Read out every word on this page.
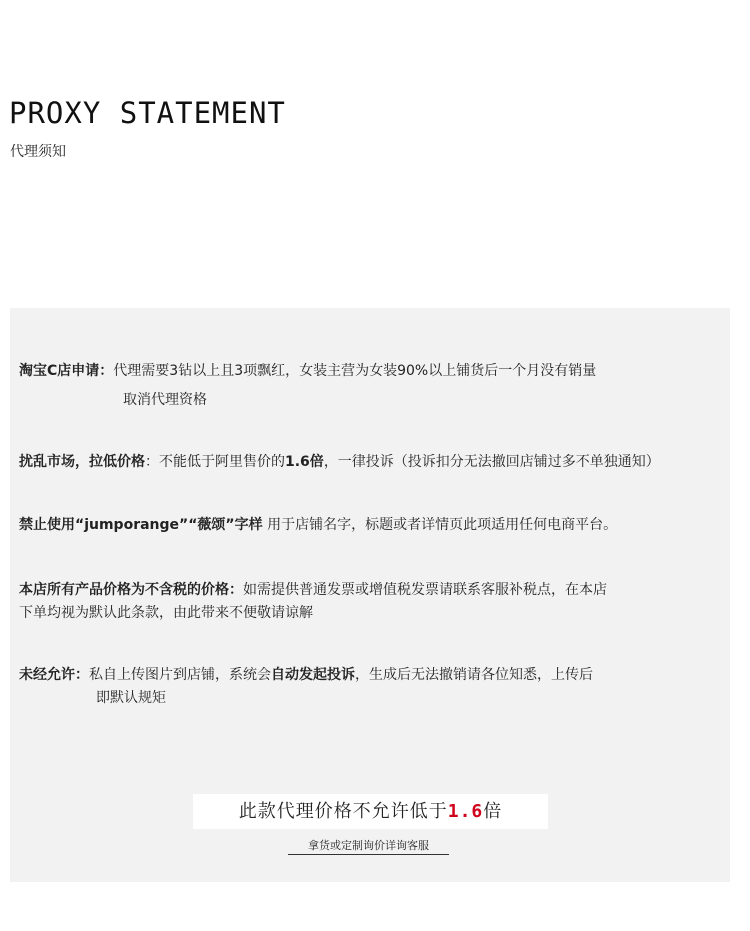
PROXY STATEMENT
代理须知
淘宝C店申请：代理需要3钻以上且3项飘红，女装主营为女装90%以上铺货后一个月没有销量
取消代理资格
扰乱市场，拉低价格：不能低于阿里售价的1.6倍，一律投诉（投诉扣分无法撤回店铺过多不单独通知）
禁止使用“jumporange”“薇颂”字样 用于店铺名字，标题或者详情页此项适用任何电商平台。
本店所有产品价格为不含税的价格：如需提供普通发票或增值税发票请联系客服补税点，在本店
下单均视为默认此条款，由此带来不便敬请谅解
未经允许：私自上传图片到店铺，系统会自动发起投诉，生成后无法撤销请各位知悉，上传后
即默认规矩
此款代理价格不允许低于1.6倍
拿货或定制询价详询客服
